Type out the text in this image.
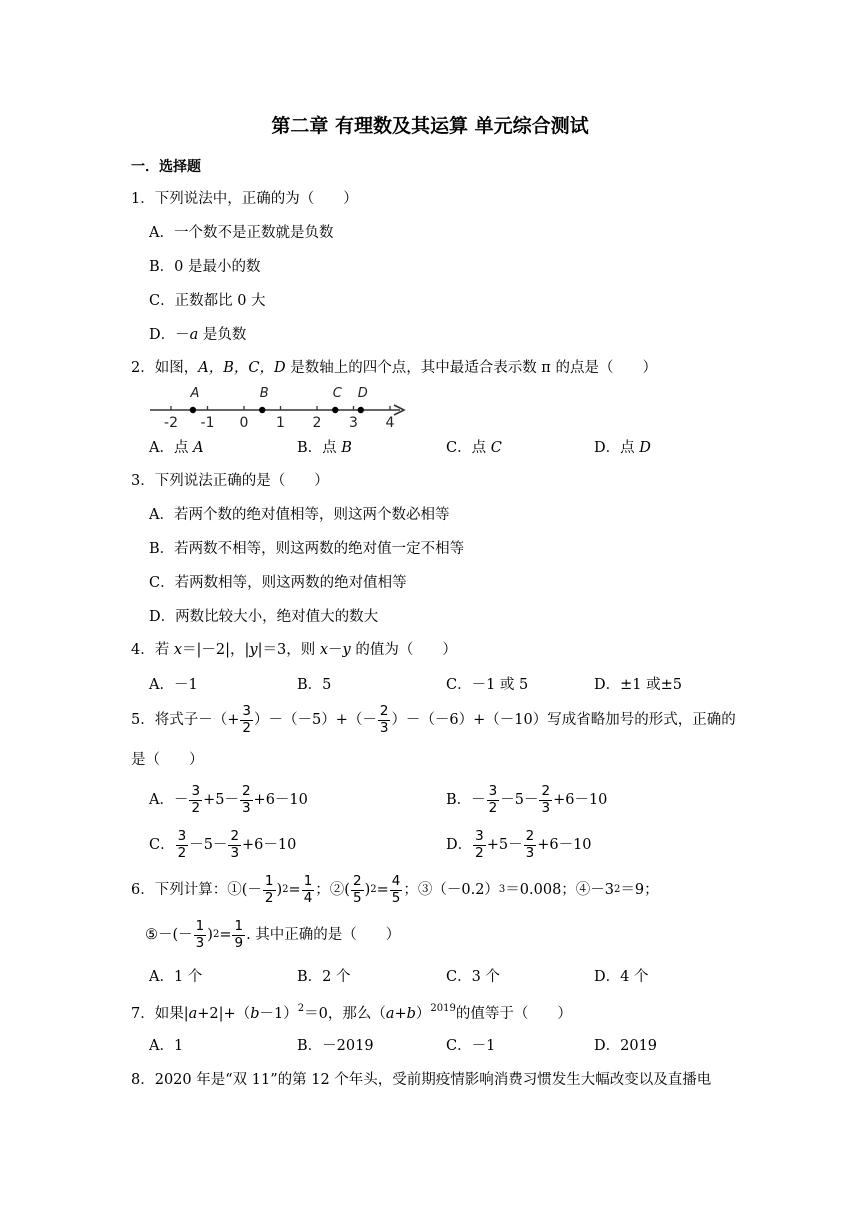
第二章 有理数及其运算 单元综合测试
一．选择题
1．下列说法中，正确的为（　　）
A．一个数不是正数就是负数
B．0 是最小的数
C．正数都比 0 大
D．－a 是负数
2．如图，A，B，C，D 是数轴上的四个点，其中最适合表示数 π 的点是（　　）
-2 -1 0 1 2 3 4
A	B	C D
A．点 A	B．点 B	C．点 C	D．点 D
3．下列说法正确的是（　　）
A．若两个数的绝对值相等，则这两个数必相等
B．若两数不相等，则这两数的绝对值一定不相等
C．若两数相等，则这两数的绝对值相等
D．两数比较大小，绝对值大的数大
4．若 x＝|－2|，|y|＝3，则 x－y 的值为（　　）
A．－1	B．5	C．－1 或 5	D．±1 或±5
5．将式子－（+ $\frac{3}{2} )-(-5)+(- \frac{2}{3} )-(-6)+(-10)$写成省略加号的形式，正确的
是（　　）
A．－ $\frac{3}{2} +5- \frac{2}{3} +6-10$	B．－ $\frac{3}{2} -5- \frac{2}{3} +6-10$
C． $\frac{3}{2} -5- \frac{2}{3} +6-10$	D． $\frac{3}{2} +5- \frac{2}{3} +6-10$
6．下列计算：① (－ $\frac{1}{2}$ ) $2 = \frac{1}{4}$ ；② ( $\frac{2}{5}$ ) $2 = \frac{4}{5}$ ；③（－0.2） 3 ＝0.008；④－3 2 ＝9；
⑤ －(－ $\frac{1}{3}$ ) $2 = \frac{1}{9}$ . 其中正确的是（　　）
A．1 个	B．2 个	C．3 个	D．4 个
7．如果$|a+2|+(b-1)^2=0$，那么$(a+b)^{2019}$的值等于（　　）
A．1	B．－2019	C．－1	D．2019
8．2020 年是“双 11”的第 12 个年头，受前期疫情影响消费习惯发生大幅改变以及直播电
